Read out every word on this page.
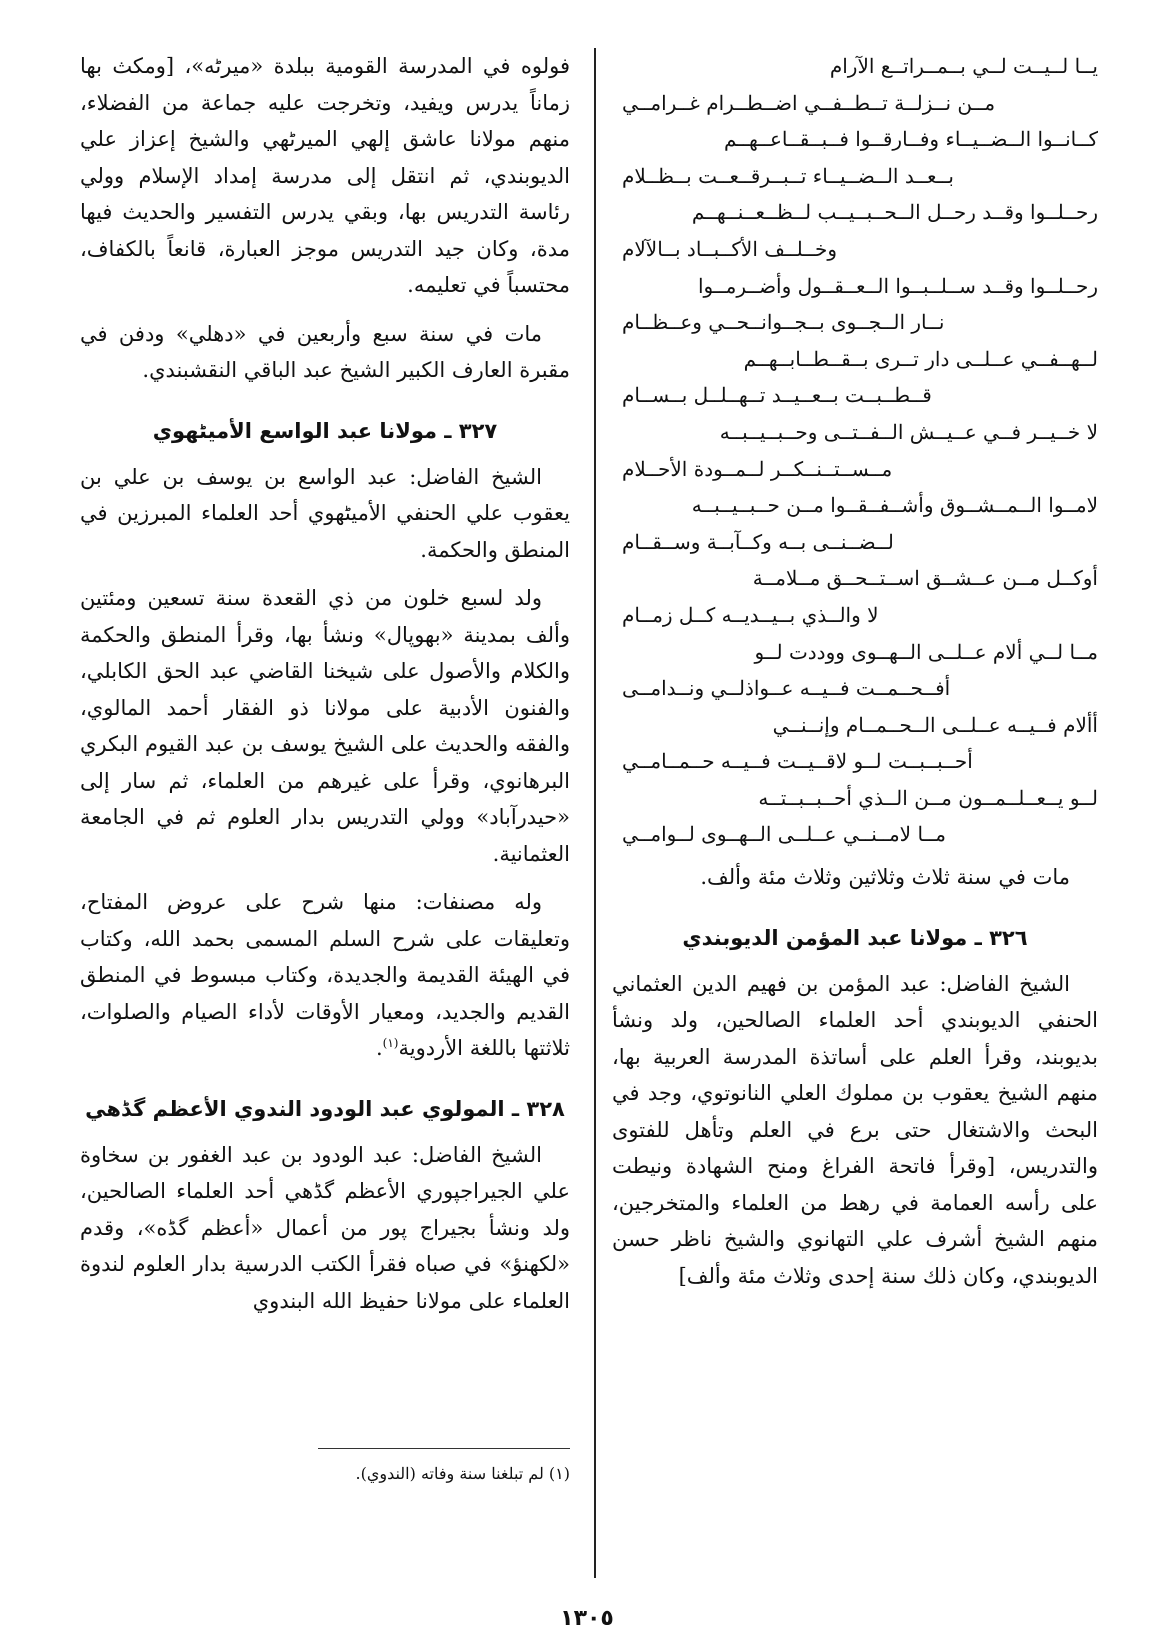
يــا لــيــت لــي بــمــراتــع الآرام
مــن نــزلــة تــطــفــي اضــطــرام غــرامــي
كــانــوا الــضــيــاء وفــارقــوا فــبــقــاعــهــم
بــعــد الــضــيــاء تــبــرقــعــت بــظــلام
رحــلــوا وقــد رحــل الــحــبــيــب لــظــعــنــهــم
وخــلــف الأكــبــاد بــالآلام
رحــلــوا وقــد ســلــبــوا الــعــقــول وأضــرمــوا
نــار الــجــوى بــجــوانــحــي وعــظــام
لــهــفــي عــلــى دار تــرى بــقــطــابــهــم
قــطــبــت بــعــيــد تــهــلــل بــســام
لا خــيــر فــي عــيــش الــفــتــى وحــبــيــبــه
مــســتــنــكــر لــمــودة الأحــلام
لامــوا الــمــشــوق وأشــفــقــوا مــن حــبــيــبــه
لــضــنــى بــه وكــآبــة وســقــام
أوكــل مــن عــشــق اســتــحــق مــلامــة
لا والــذي بــيــديــه كــل زمــام
مــا لــي ألام عــلــى الــهــوى ووددت لــو
أفــحــمــت فــيــه عــواذلــي ونــدامــى
أألام فــيــه عــلــى الــحــمــام وإنــنــي
أحــبــبــت لــو لاقــيــت فــيــه حــمــامــي
لــو يــعــلــمــون مــن الــذي أحــبــبــتــه
مــا لامــنــي عــلــى الــهــوى لــوامــي

مات في سنة ثلاث وثلاثين وثلاث مئة وألف.

٣٢٦ ـ مولانا عبد المؤمن الديوبندي

الشيخ الفاضل: عبد المؤمن بن فهيم الدين العثماني الحنفي الديوبندي أحد العلماء الصالحين، ولد ونشأ بديوبند، وقرأ العلم على أساتذة المدرسة العربية بها، منهم الشيخ يعقوب بن مملوك العلي النانوتوي، وجد في البحث والاشتغال حتى برع في العلم وتأهل للفتوى والتدريس، [وقرأ فاتحة الفراغ ومنح الشهادة ونيطت على رأسه العمامة في رهط من العلماء والمتخرجين، منهم الشيخ أشرف علي التهانوي والشيخ ناظر حسن الديوبندي، وكان ذلك سنة إحدى وثلاث مئة وألف]

فولوه في المدرسة القومية ببلدة «ميرٹه»، [ومكث بها زماناً يدرس ويفيد، وتخرجت عليه جماعة من الفضلاء، منهم مولانا عاشق إلهي الميرٹهي والشيخ إعزاز علي الديوبندي، ثم انتقل إلى مدرسة إمداد الإسلام وولي رئاسة التدريس بها، وبقي يدرس التفسير والحديث فيها مدة، وكان جيد التدريس موجز العبارة، قانعاً بالكفاف، محتسباً في تعليمه.

مات في سنة سبع وأربعين في «دهلي» ودفن في مقبرة العارف الكبير الشيخ عبد الباقي النقشبندي.

٣٢٧ ـ مولانا عبد الواسع الأميٹهوي

الشيخ الفاضل: عبد الواسع بن يوسف بن علي بن يعقوب علي الحنفي الأميٹهوي أحد العلماء المبرزين في المنطق والحكمة.

ولد لسبع خلون من ذي القعدة سنة تسعين ومئتين وألف بمدينة «بهوپال» ونشأ بها، وقرأ المنطق والحكمة والكلام والأصول على شيخنا القاضي عبد الحق الكابلي، والفنون الأدبية على مولانا ذو الفقار أحمد المالوي، والفقه والحديث على الشيخ يوسف بن عبد القيوم البكري البرهانوي، وقرأ على غيرهم من العلماء، ثم سار إلى «حيدرآباد» وولي التدريس بدار العلوم ثم في الجامعة العثمانية.

وله مصنفات: منها شرح على عروض المفتاح، وتعليقات على شرح السلم المسمى بحمد الله، وكتاب في الهيئة القديمة والجديدة، وكتاب مبسوط في المنطق القديم والجديد، ومعيار الأوقات لأداء الصيام والصلوات، ثلاثتها باللغة الأردوية$^{(١)}$.

٣٢٨ ـ المولوي عبد الودود الندوي الأعظم گڈهي

الشيخ الفاضل: عبد الودود بن عبد الغفور بن سخاوة علي الجيراجپوري الأعظم گڈهي أحد العلماء الصالحين، ولد ونشأ بجيراج پور من أعمال «أعظم گڈه»، وقدم «لكهنؤ» في صباه فقرأ الكتب الدرسية بدار العلوم لندوة العلماء على مولانا حفيظ الله البندوي

(١) لم تبلغنا سنة وفاته (الندوي).
١٣٠٥
